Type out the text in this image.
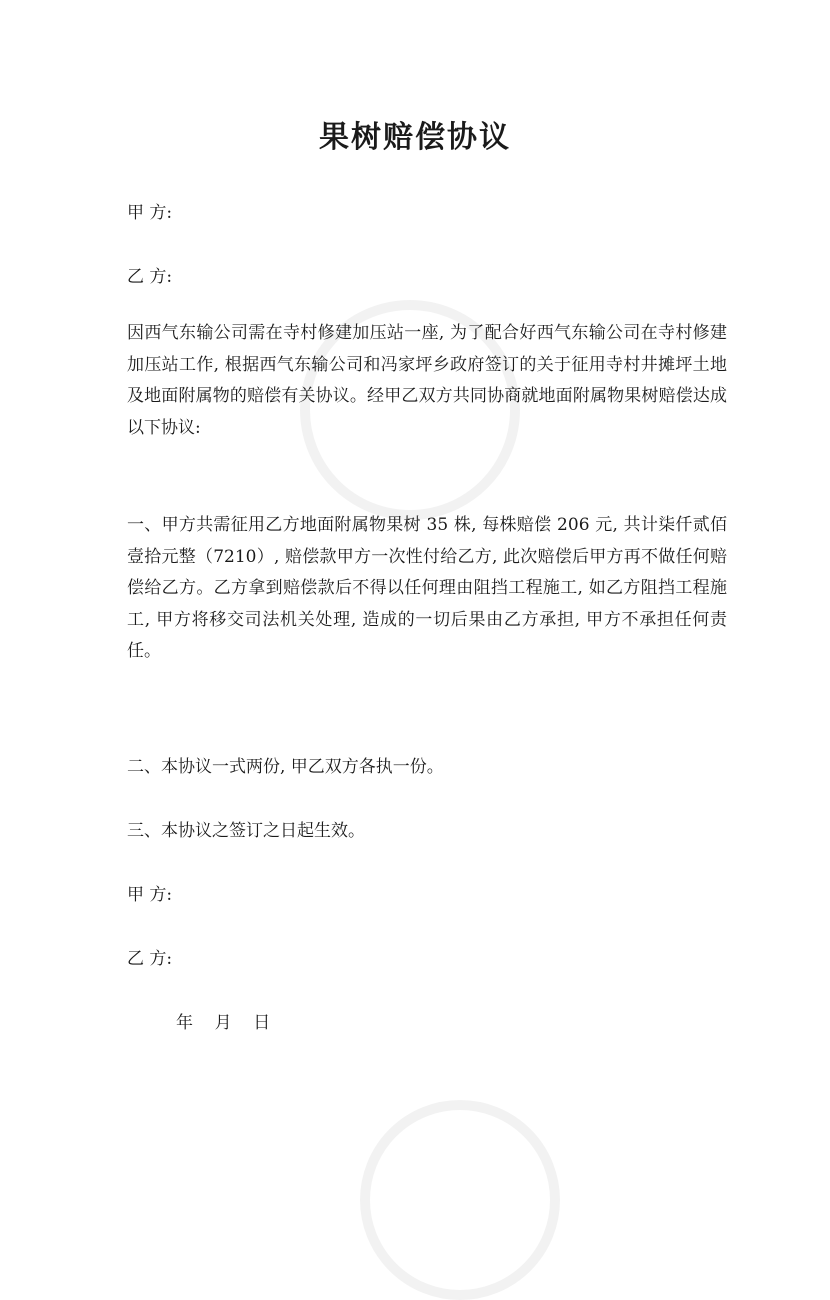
果树赔偿协议

甲 方:

乙 方:

因西气东输公司需在寺村修建加压站一座, 为了配合好西气东输公司在寺村修建加压站工作, 根据西气东输公司和冯家坪乡政府签订的关于征用寺村井摊坪土地及地面附属物的赔偿有关协议。经甲乙双方共同协商就地面附属物果树赔偿达成以下协议:

一、甲方共需征用乙方地面附属物果树 35 株, 每株赔偿 206 元, 共计柒仟贰佰壹拾元整（7210）, 赔偿款甲方一次性付给乙方, 此次赔偿后甲方再不做任何赔偿给乙方。乙方拿到赔偿款后不得以任何理由阻挡工程施工, 如乙方阻挡工程施工, 甲方将移交司法机关处理, 造成的一切后果由乙方承担, 甲方不承担任何责任。

二、本协议一式两份, 甲乙双方各执一份。

三、本协议之签订之日起生效。

甲 方:

乙 方:

年    月    日
